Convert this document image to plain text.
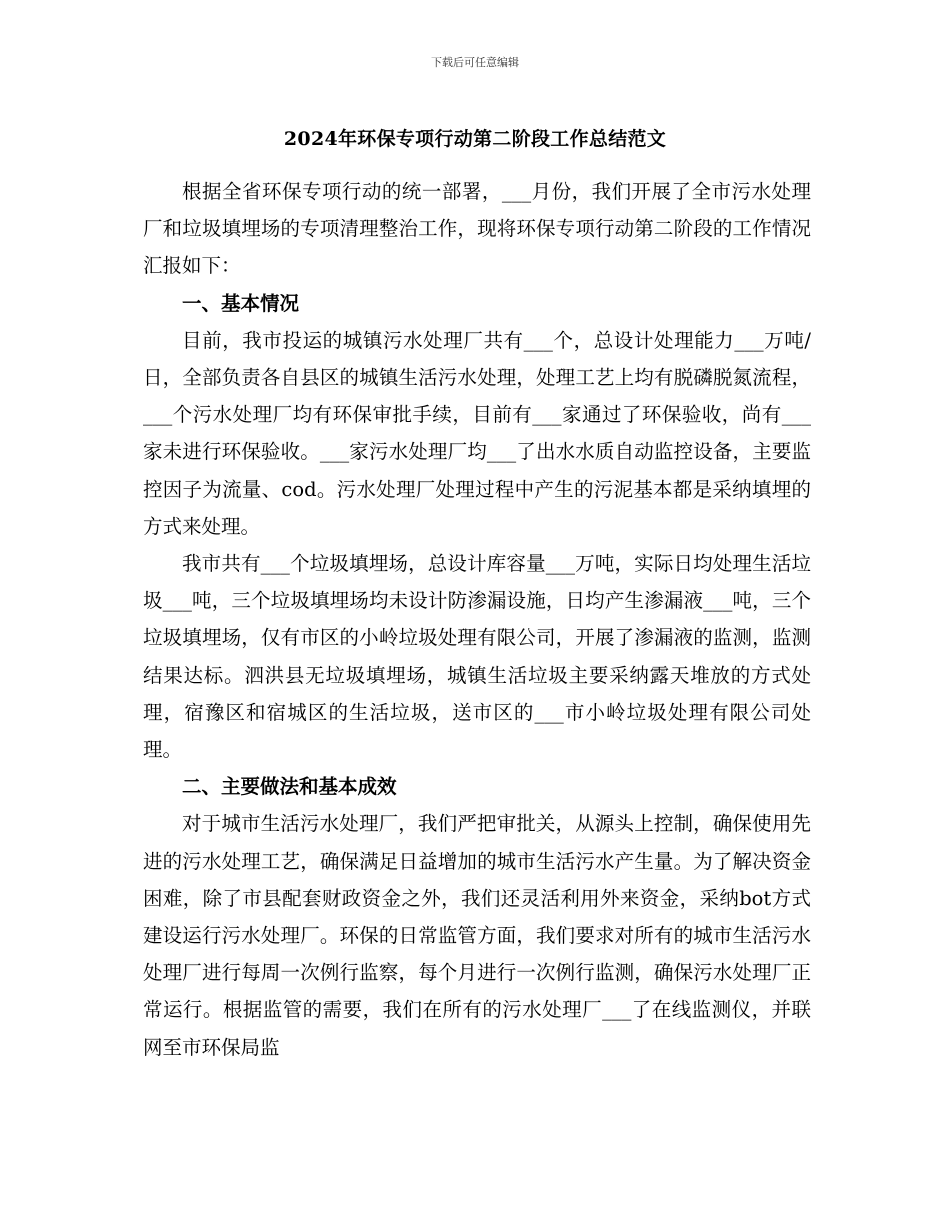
下载后可任意编辑
2024年环保专项行动第二阶段工作总结范文

根据全省环保专项行动的统一部署，___月份，我们开展了全市污水处理厂和垃圾填埋场的专项清理整治工作，现将环保专项行动第二阶段的工作情况汇报如下：

一、基本情况

目前，我市投运的城镇污水处理厂共有___个，总设计处理能力___万吨/日，全部负责各自县区的城镇生活污水处理，处理工艺上均有脱磷脱氮流程，___个污水处理厂均有环保审批手续，目前有___家通过了环保验收，尚有___家未进行环保验收。___家污水处理厂均___了出水水质自动监控设备，主要监控因子为流量、cod。污水处理厂处理过程中产生的污泥基本都是采纳填埋的方式来处理。

我市共有___个垃圾填埋场，总设计库容量___万吨，实际日均处理生活垃圾___吨，三个垃圾填埋场均未设计防渗漏设施，日均产生渗漏液___吨，三个垃圾填埋场，仅有市区的小岭垃圾处理有限公司，开展了渗漏液的监测，监测结果达标。泗洪县无垃圾填埋场，城镇生活垃圾主要采纳露天堆放的方式处理，宿豫区和宿城区的生活垃圾，送市区的___市小岭垃圾处理有限公司处理。

二、主要做法和基本成效

对于城市生活污水处理厂，我们严把审批关，从源头上控制，确保使用先进的污水处理工艺，确保满足日益增加的城市生活污水产生量。为了解决资金困难，除了市县配套财政资金之外，我们还灵活利用外来资金，采纳bot方式建设运行污水处理厂。环保的日常监管方面，我们要求对所有的城市生活污水处理厂进行每周一次例行监察，每个月进行一次例行监测，确保污水处理厂正常运行。根据监管的需要，我们在所有的污水处理厂___了在线监测仪，并联网至市环保局监
